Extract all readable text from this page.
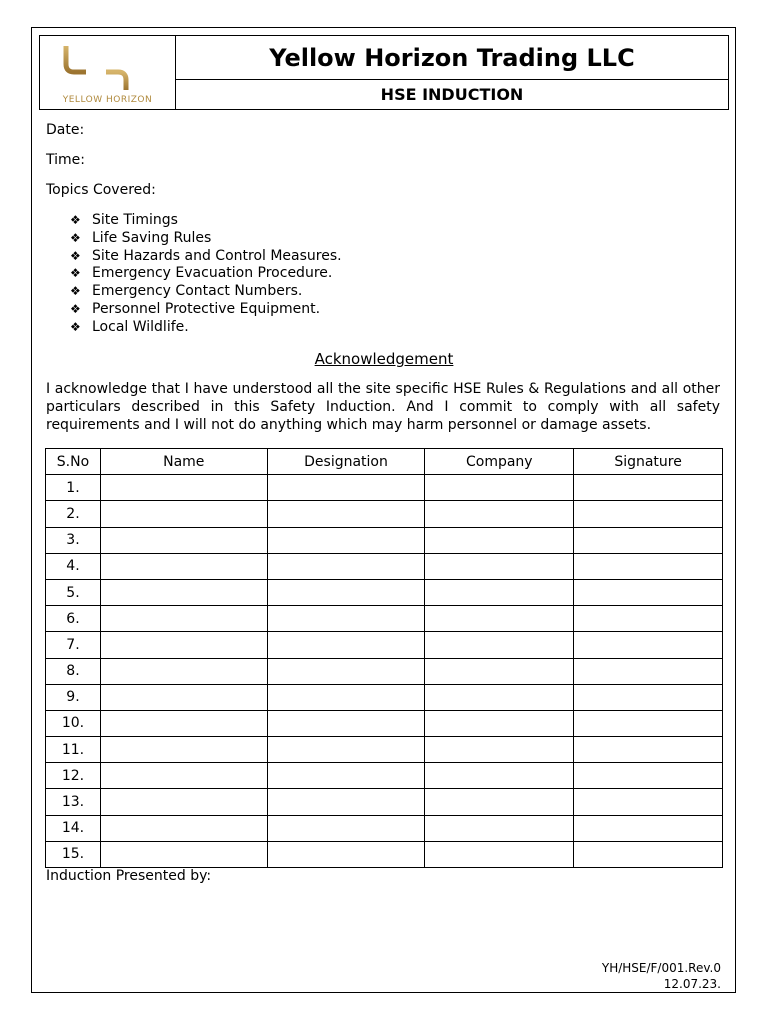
YELLOW HORIZON
Yellow Horizon Trading LLC
HSE INDUCTION
Date:
Time:
Topics Covered:
❖ Site Timings
❖ Life Saving Rules
❖ Site Hazards and Control Measures.
❖ Emergency Evacuation Procedure.
❖ Emergency Contact Numbers.
❖ Personnel Protective Equipment.
❖ Local Wildlife.
Acknowledgement

I acknowledge that I have understood all the site specific HSE Rules & Regulations and all other particulars described in this Safety Induction. And I commit to comply with all safety requirements and I will not do anything which may harm personnel or damage assets.

S.No	Name	Designation	Company	Signature
1.				
2.				
3.				
4.				
5.				
6.				
7.				
8.				
9.				
10.				
11.				
12.				
13.				
14.				
15.				
Induction Presented by:
YH/HSE/F/001.Rev.0
12.07.23.
